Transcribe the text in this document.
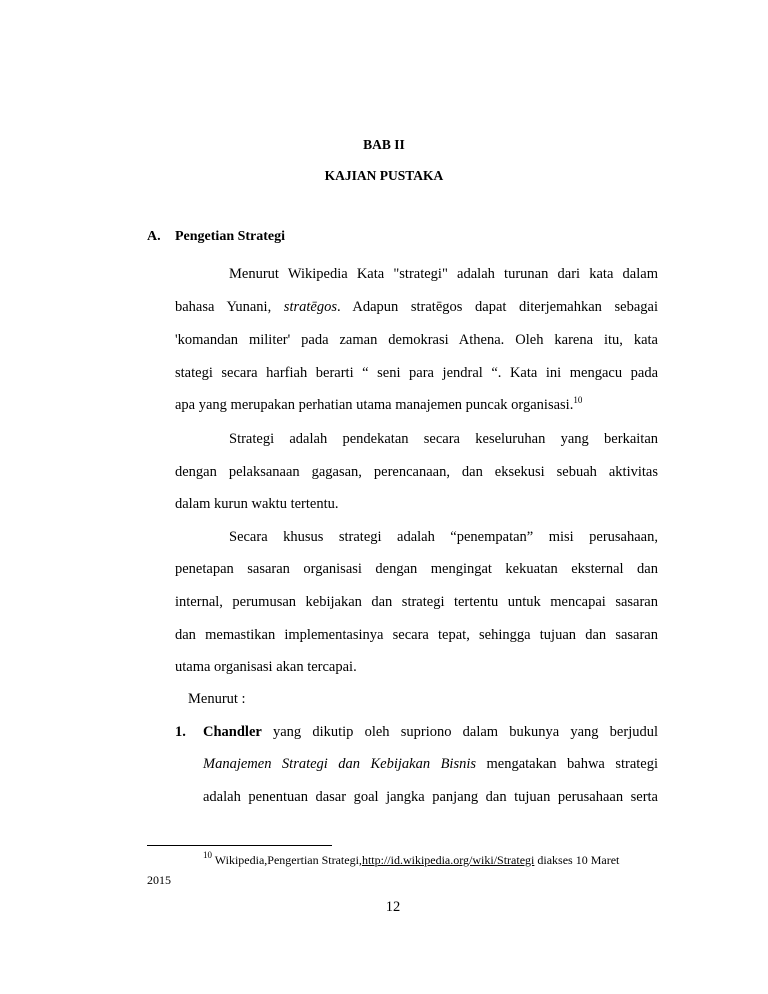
BAB II
KAJIAN PUSTAKA
A. Pengetian Strategi
Menurut Wikipedia Kata "strategi" adalah turunan dari kata dalam
bahasa Yunani, stratēgos. Adapun stratēgos dapat diterjemahkan sebagai
'komandan militer' pada zaman demokrasi Athena. Oleh karena itu, kata
stategi secara harfiah berarti “ seni para jendral “. Kata ini mengacu pada
apa yang merupakan perhatian utama manajemen puncak organisasi.$^{10}$
Strategi adalah pendekatan secara keseluruhan yang berkaitan
dengan pelaksanaan gagasan, perencanaan, dan eksekusi sebuah aktivitas
dalam kurun waktu tertentu.
Secara khusus strategi adalah “penempatan” misi perusahaan,
penetapan sasaran organisasi dengan mengingat kekuatan eksternal dan
internal, perumusan kebijakan dan strategi tertentu untuk mencapai sasaran
dan memastikan implementasinya secara tepat, sehingga tujuan dan sasaran
utama organisasi akan tercapai.
Menurut :
1. Chandler yang dikutip oleh supriono dalam bukunya yang berjudul
Manajemen Strategi dan Kebijakan Bisnis mengatakan bahwa strategi
adalah penentuan dasar goal jangka panjang dan tujuan perusahaan serta
$^{10}$ Wikipedia,Pengertian Strategi,http://id.wikipedia.org/wiki/Strategi diakses 10 Maret
2015
12
